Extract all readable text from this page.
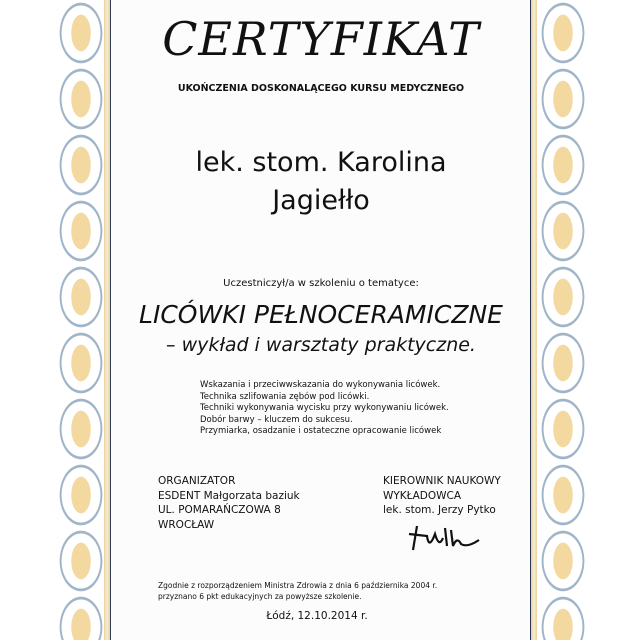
CERTYFIKAT
UKOŃCZENIA DOSKONALĄCEGO KURSU MEDYCZNEGO
lek. stom. Karolina
Jagiełło
Uczestniczył/a w szkoleniu o tematyce:
LICÓWKI PEŁNOCERAMICZNE
– wykład i warsztaty praktyczne.
Wskazania i przeciwwskazania do wykonywania licówek.
Technika szlifowania zębów pod licówki.
Techniki wykonywania wycisku przy wykonywaniu licówek.
Dobór barwy – kluczem do sukcesu.
Przymiarka, osadzanie i ostateczne opracowanie licówek
ORGANIZATOR
ESDENT Małgorzata baziuk
UL. POMARAŃCZOWA 8
WROCŁAW
KIEROWNIK NAUKOWY
WYKŁADOWCA
lek. stom. Jerzy Pytko
Zgodnie z rozporządzeniem Ministra Zdrowia z dnia 6 października 2004 r.
przyznano 6 pkt edukacyjnych za powyższe szkolenie.
Łódź, 12.10.2014 r.
